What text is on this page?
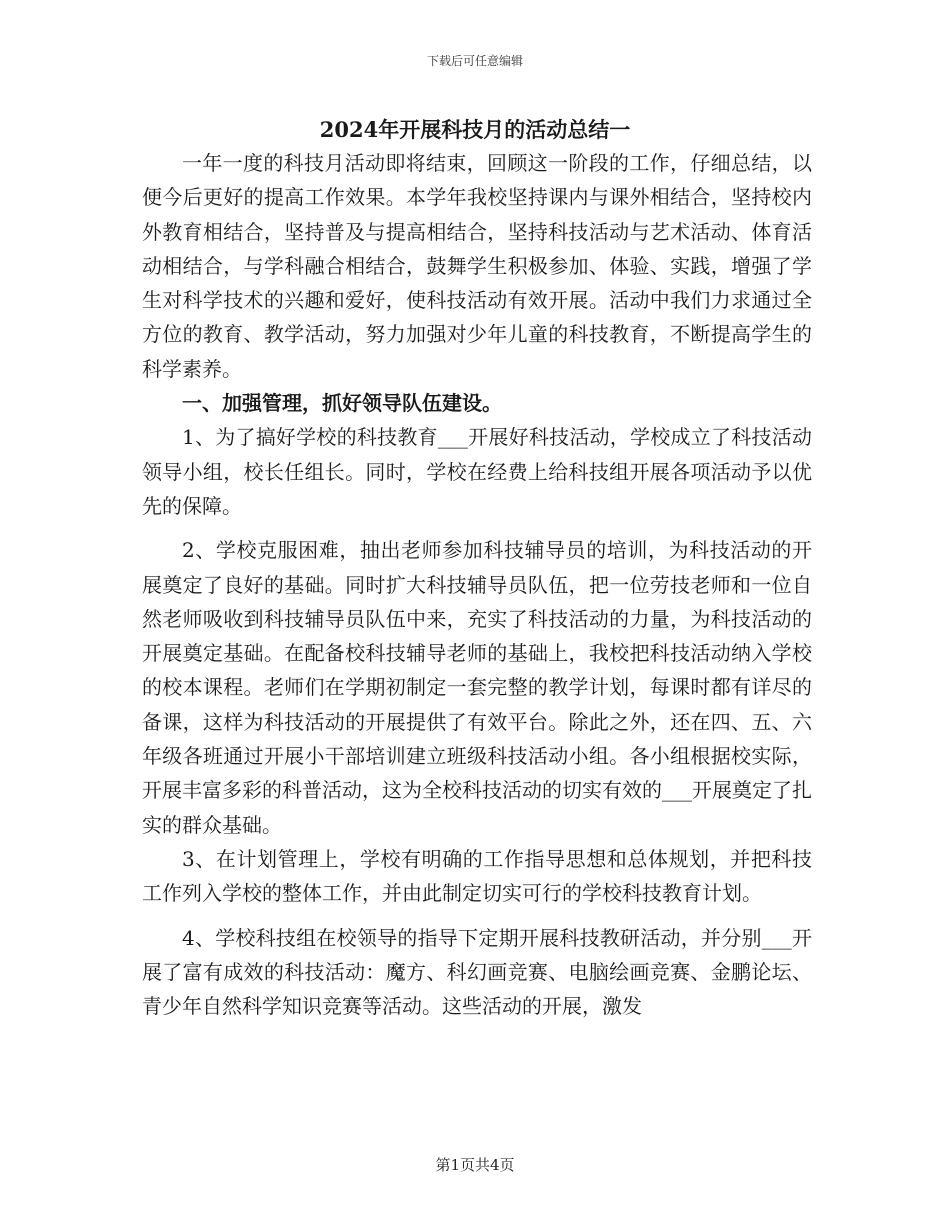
下载后可任意编辑
2024年开展科技月的活动总结一

一年一度的科技月活动即将结束，回顾这一阶段的工作，仔细总结，以便今后更好的提高工作效果。本学年我校坚持课内与课外相结合，坚持校内外教育相结合，坚持普及与提高相结合，坚持科技活动与艺术活动、体育活动相结合，与学科融合相结合，鼓舞学生积极参加、体验、实践，增强了学生对科学技术的兴趣和爱好，使科技活动有效开展。活动中我们力求通过全方位的教育、教学活动，努力加强对少年儿童的科技教育，不断提高学生的科学素养。

一、加强管理，抓好领导队伍建设。

1、为了搞好学校的科技教育___开展好科技活动，学校成立了科技活动领导小组，校长任组长。同时，学校在经费上给科技组开展各项活动予以优先的保障。

2、学校克服困难，抽出老师参加科技辅导员的培训，为科技活动的开展奠定了良好的基础。同时扩大科技辅导员队伍，把一位劳技老师和一位自然老师吸收到科技辅导员队伍中来，充实了科技活动的力量，为科技活动的开展奠定基础。在配备校科技辅导老师的基础上，我校把科技活动纳入学校的校本课程。老师们在学期初制定一套完整的教学计划，每课时都有详尽的备课，这样为科技活动的开展提供了有效平台。除此之外，还在四、五、六年级各班通过开展小干部培训建立班级科技活动小组。各小组根据校实际，开展丰富多彩的科普活动，这为全校科技活动的切实有效的___开展奠定了扎实的群众基础。

3、在计划管理上，学校有明确的工作指导思想和总体规划，并把科技工作列入学校的整体工作，并由此制定切实可行的学校科技教育计划。

4、学校科技组在校领导的指导下定期开展科技教研活动，并分别___开展了富有成效的科技活动：魔方、科幻画竞赛、电脑绘画竞赛、金鹏论坛、青少年自然科学知识竞赛等活动。这些活动的开展，激发

第1页共4页
